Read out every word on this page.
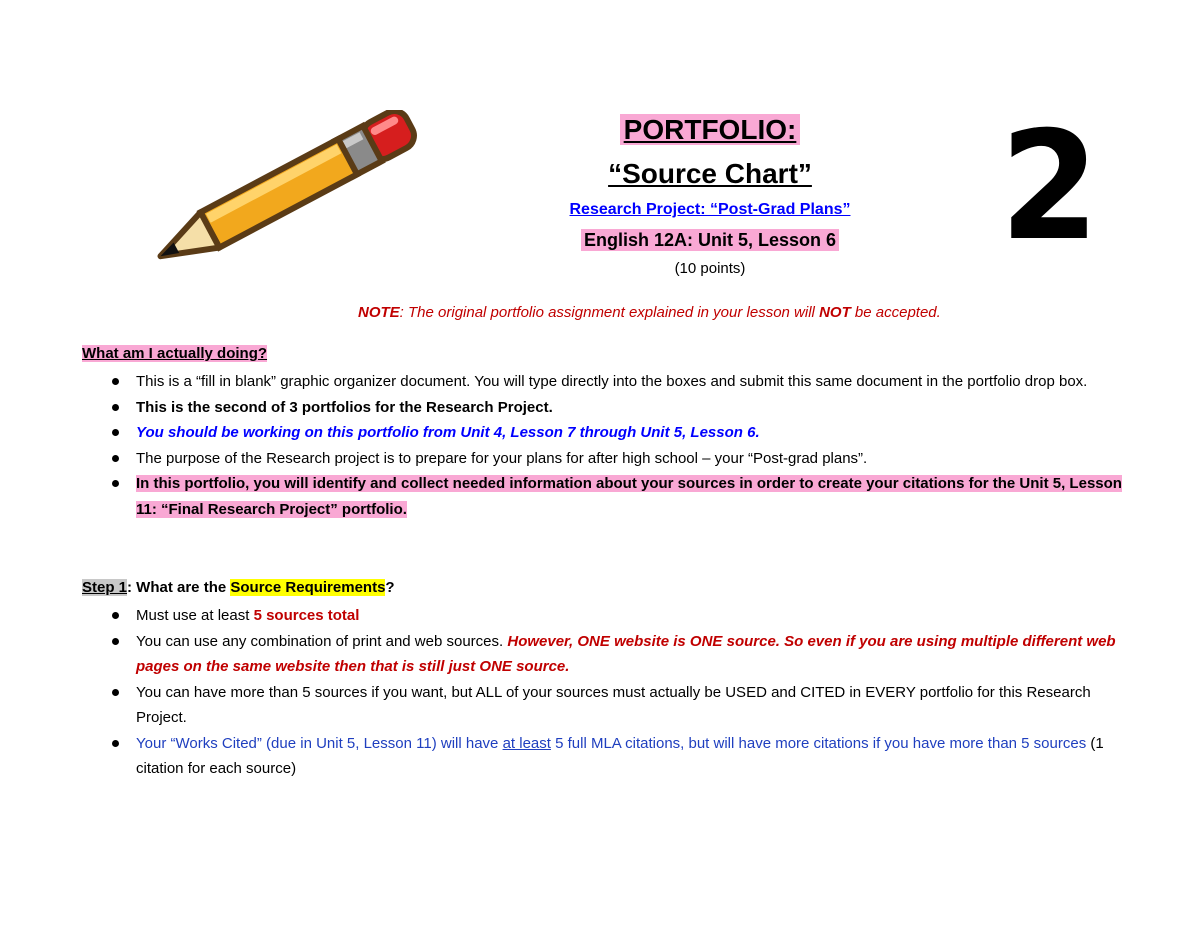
2
PORTFOLIO:
“Source Chart”
Research Project: “Post-Grad Plans”
English 12A: Unit 5, Lesson 6
(10 points)
NOTE: The original portfolio assignment explained in your lesson will NOT be accepted.
What am I actually doing?
This is a “fill in blank” graphic organizer document. You will type directly into the boxes and submit this same document in the portfolio drop box.
This is the second of 3 portfolios for the Research Project.
You should be working on this portfolio from Unit 4, Lesson 7 through Unit 5, Lesson 6.
The purpose of the Research project is to prepare for your plans for after high school – your “Post-grad plans”.
In this portfolio, you will identify and collect needed information about your sources in order to create your citations for the Unit 5, Lesson 11: “Final Research Project” portfolio.
Step 1: What are the Source Requirements?
Must use at least 5 sources total
You can use any combination of print and web sources. However, ONE website is ONE source. So even if you are using multiple different web pages on the same website then that is still just ONE source.
You can have more than 5 sources if you want, but ALL of your sources must actually be USED and CITED in EVERY portfolio for this Research Project.
Your “Works Cited” (due in Unit 5, Lesson 11) will have at least 5 full MLA citations, but will have more citations if you have more than 5 sources (1 citation for each source)
